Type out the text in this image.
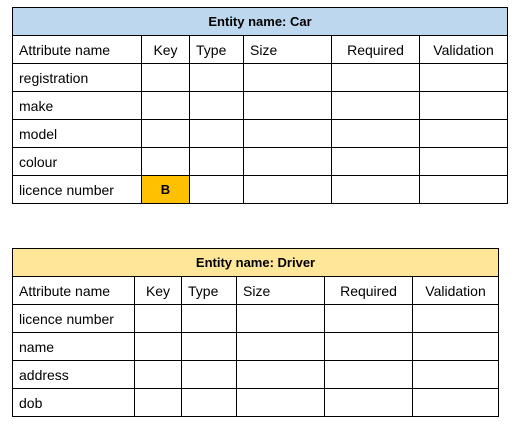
Entity name: Car					
Attribute name	Key	Type	Size	Required	Validation
registration					
make					
model					
colour					
licence number	B				
Entity name: Driver					
Attribute name	Key	Type	Size	Required	Validation
licence number					
name					
address					
dob					
